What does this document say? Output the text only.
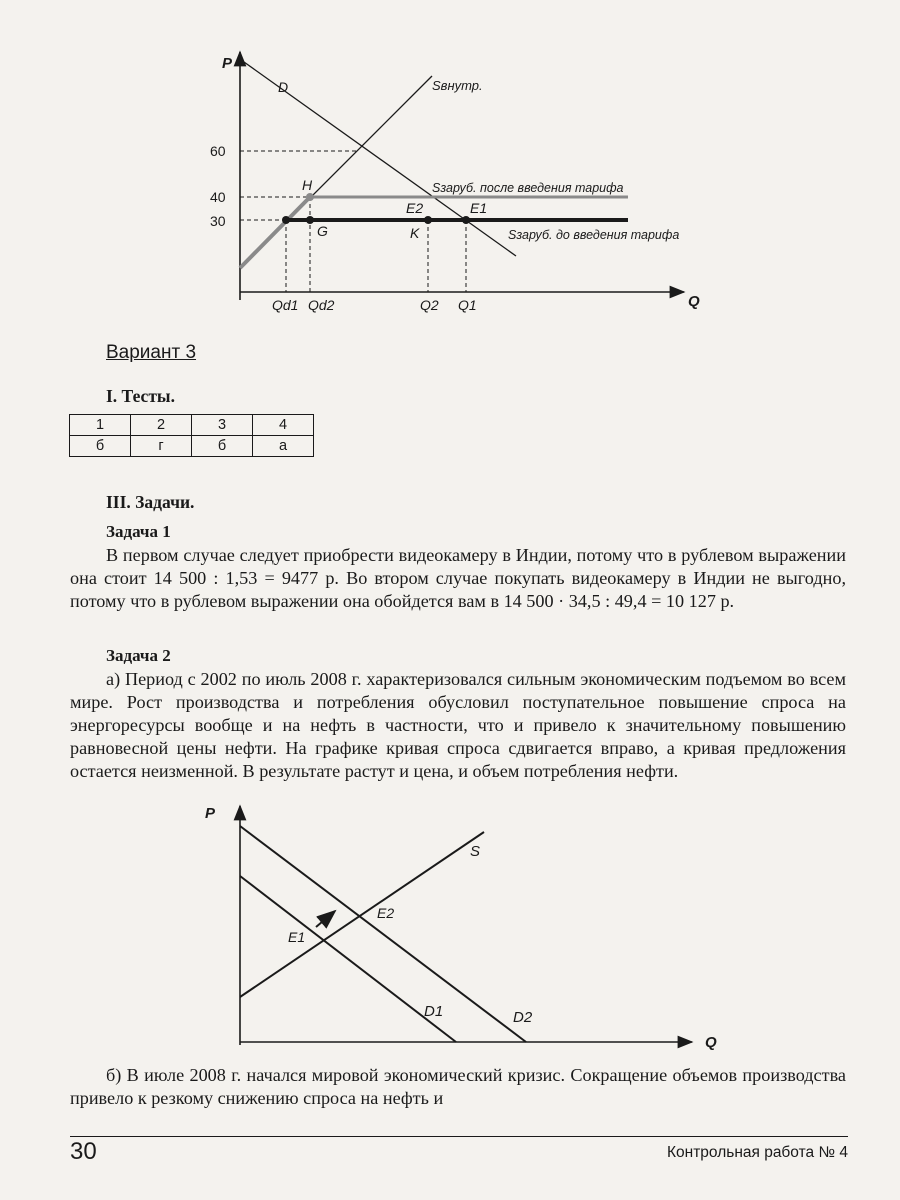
P
Q
60
40
30
D	Sвнутр.
Sзаруб. после введения тарифа
Sзаруб. до введения тарифа
H
G	K
E2	E1
Qd1 Qd2	Q2 Q1
Вариант 3
I. Тесты.
1	2	3	4
б	г	б	а
III. Задачи.
Задача 1
В первом случае следует приобрести видеокамеру в Индии, потому что в рублевом выражении она стоит 14 500 : 1,53 = 9477 р. Во втором случае покупать видеокамеру в Индии не выгодно, потому что в рублевом выражении она обойдется вам в 14 500 · 34,5 : 49,4 = 10 127 р.
Задача 2
а) Период с 2002 по июль 2008 г. характеризовался сильным экономическим подъемом во всем мире. Рост производства и потребления обусловил поступательное повышение спроса на энергоресурсы вообще и на нефть в частности, что и привело к значительному повышению равновесной цены нефти. На графике кривая спроса сдвигается вправо, а кривая предложения остается неизменной. В результате растут и цена, и объем потребления нефти.
P
Q
S
D1	D2
E1
E2
б) В июле 2008 г. начался мировой экономический кризис. Сокращение объемов производства привело к резкому снижению спроса на нефть и
30	Контрольная работа № 4
